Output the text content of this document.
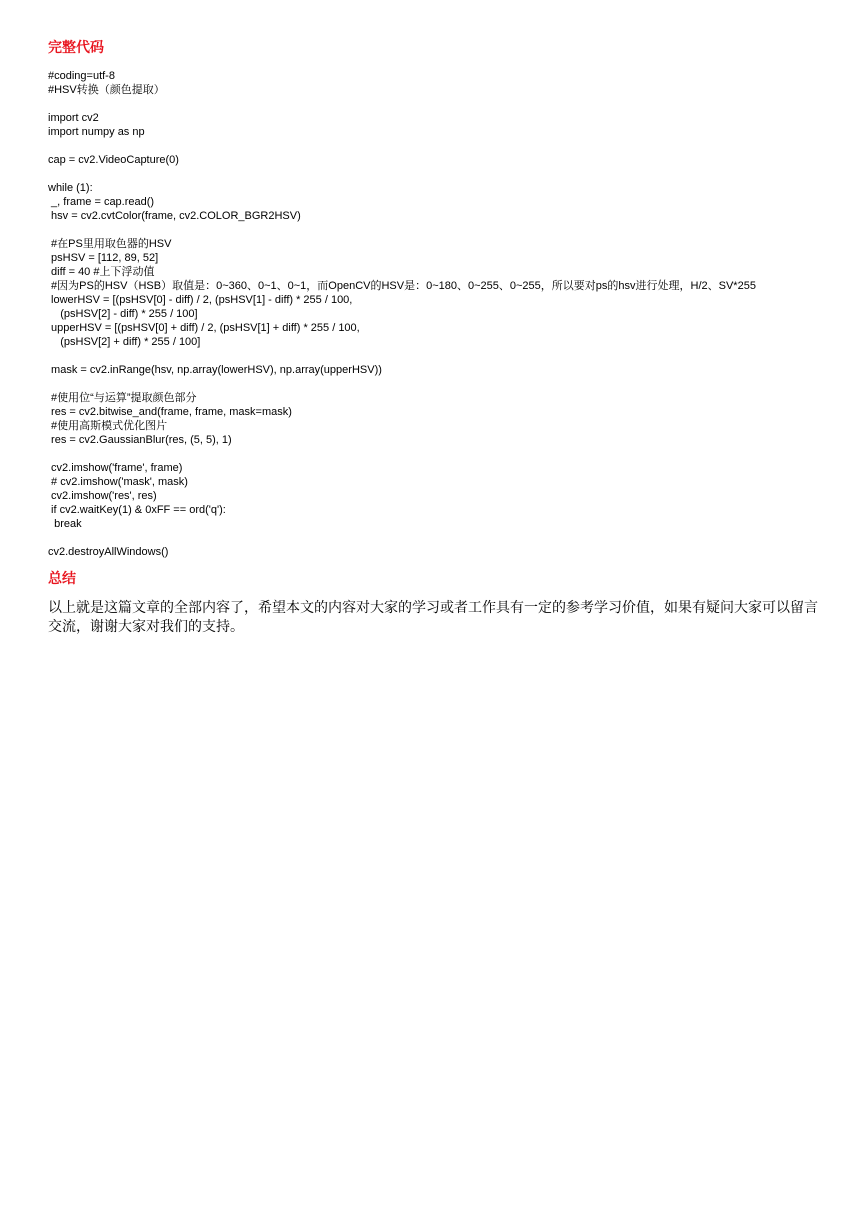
完整代码
#coding=utf-8
#HSV转换（颜色提取）
import cv2
import numpy as np
cap = cv2.VideoCapture(0)
while (1):
_, frame = cap.read()
hsv = cv2.cvtColor(frame, cv2.COLOR_BGR2HSV)
#在PS里用取色器的HSV
psHSV = [112, 89, 52]
diff = 40 #上下浮动值
#因为PS的HSV（HSB）取值是：0~360、0~1、0~1，而OpenCV的HSV是：0~180、0~255、0~255，所以要对ps的hsv进行处理，H/2、SV*255
lowerHSV = [(psHSV[0] - diff) / 2, (psHSV[1] - diff) * 255 / 100,
(psHSV[2] - diff) * 255 / 100]
upperHSV = [(psHSV[0] + diff) / 2, (psHSV[1] + diff) * 255 / 100,
(psHSV[2] + diff) * 255 / 100]
mask = cv2.inRange(hsv, np.array(lowerHSV), np.array(upperHSV))
#使用位“与运算”提取颜色部分
res = cv2.bitwise_and(frame, frame, mask=mask)
#使用高斯模式优化图片
res = cv2.GaussianBlur(res, (5, 5), 1)
cv2.imshow('frame', frame)
# cv2.imshow('mask', mask)
cv2.imshow('res', res)
if cv2.waitKey(1) & 0xFF == ord('q'):
break
cv2.destroyAllWindows()
总结

以上就是这篇文章的全部内容了，希望本文的内容对大家的学习或者工作具有一定的参考学习价值，如果有疑问大家可以留言交流，谢谢大家对我们的支持。
